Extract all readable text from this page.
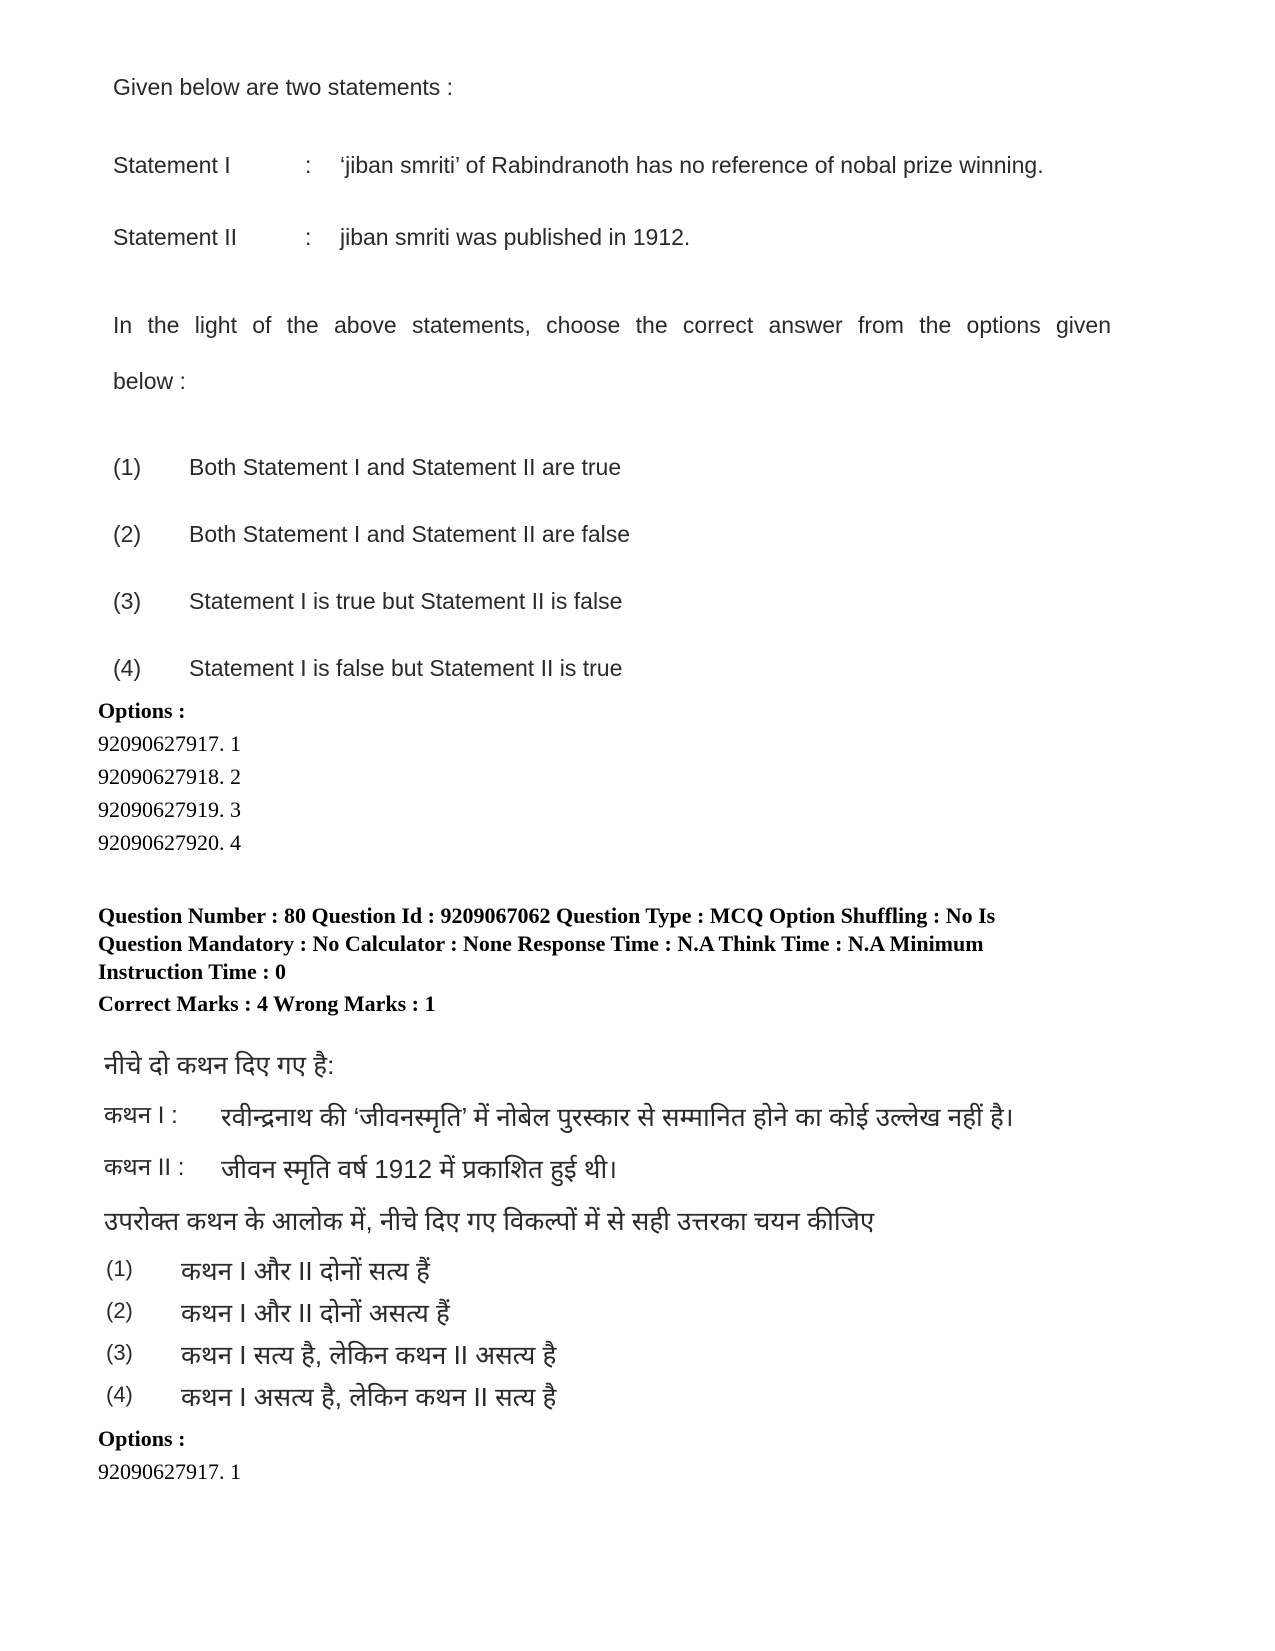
Given below are two statements :
Statement I	: ‘jiban smriti’ of Rabindranoth has no reference of nobal prize winning.
Statement II	: jiban smriti was published in 1912.
In the light of the above statements, choose the correct answer from the options given
below :
(1) Both Statement I and Statement II are true
(2) Both Statement I and Statement II are false
(3) Statement I is true but Statement II is false
(4) Statement I is false but Statement II is true
Options :
92090627917. 1
92090627918. 2
92090627919. 3
92090627920. 4
Question Number : 80 Question Id : 9209067062 Question Type : MCQ Option Shuffling : No Is
Question Mandatory : No Calculator : None Response Time : N.A Think Time : N.A Minimum
Instruction Time : 0
Correct Marks : 4 Wrong Marks : 1
नीचे दो कथन दिए गए है:
कथन I : रवीन्द्रनाथ की ‘जीवनस्मृति’ में नोबेल पुरस्कार से सम्मानित होने का कोई उल्लेख नहीं है।
कथन II : जीवन स्मृति वर्ष 1912 में प्रकाशित हुई थी।
उपरोक्त कथन के आलोक में, नीचे दिए गए विकल्पों में से सही उत्तरका चयन कीजिए
(1) कथन I और II दोनों सत्य हैं
(2) कथन I और II दोनों असत्य हैं
(3) कथन I सत्य है, लेकिन कथन II असत्य है
(4) कथन I असत्य है, लेकिन कथन II सत्य है
Options :
92090627917. 1
